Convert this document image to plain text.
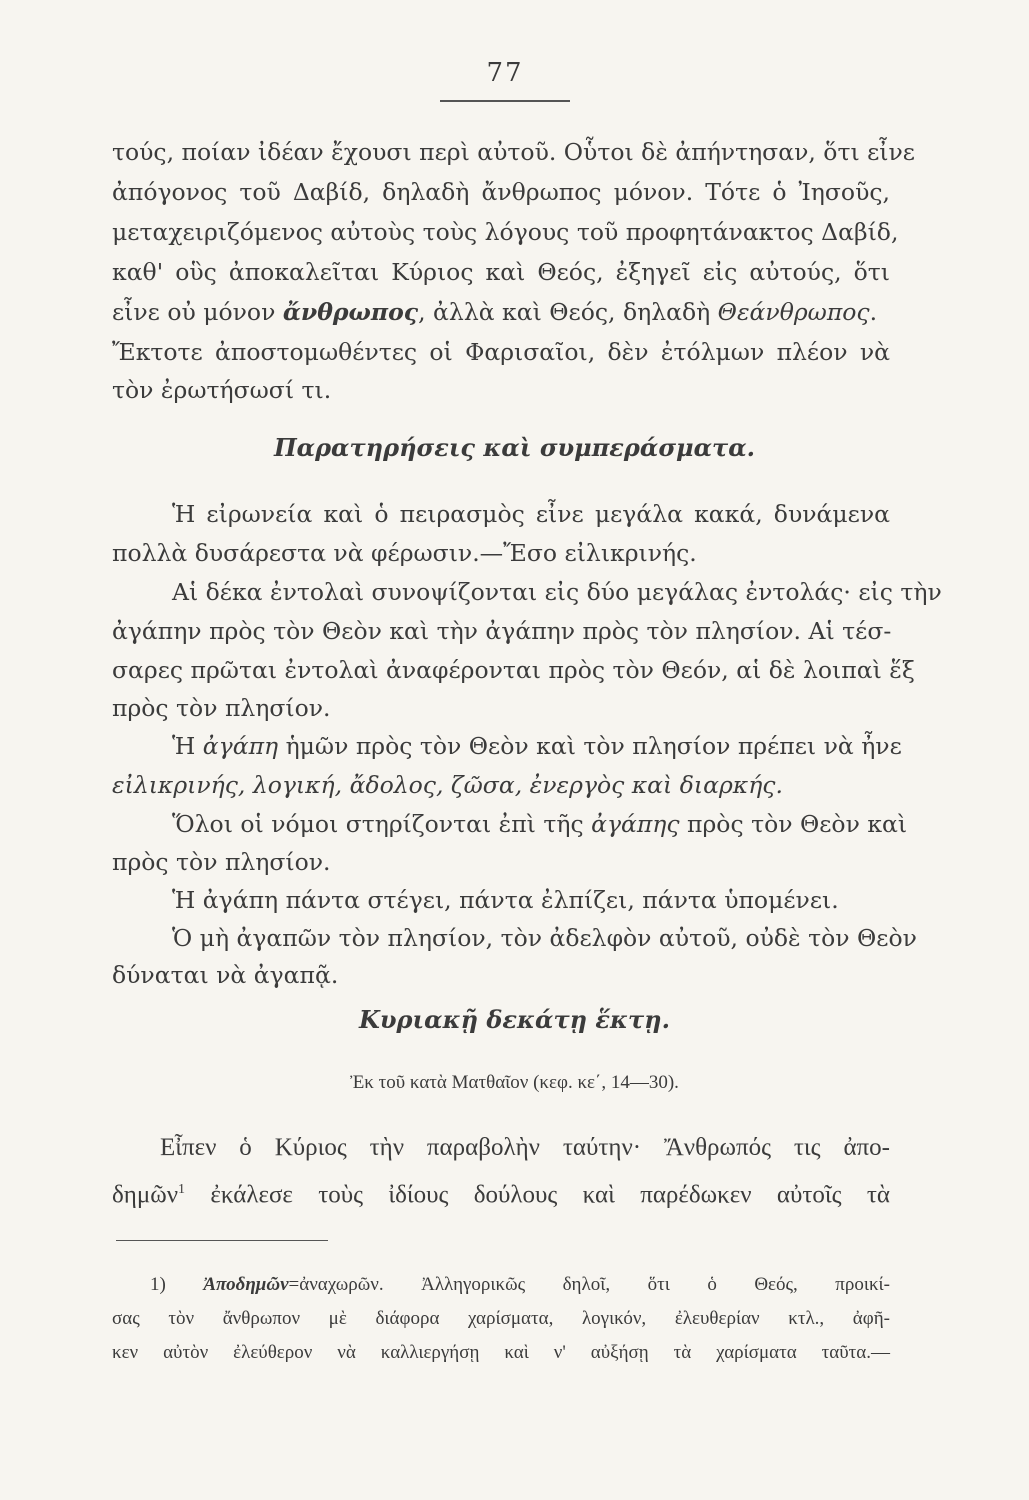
77
τούς, ποίαν ἰδέαν ἔχουσι περὶ αὐτοῦ. Οὗτοι δὲ ἀπήντησαν, ὅτι εἶνε
ἀπόγονος τοῦ Δαβίδ, δηλαδὴ ἄνθρωπος μόνον. Τότε ὁ Ἰησοῦς,
μεταχειριζόμενος αὐτοὺς τοὺς λόγους τοῦ προφητάνακτος Δαβίδ,
καθ' οὓς ἀποκαλεῖται Κύριος καὶ Θεός, ἐξηγεῖ εἰς αὐτούς, ὅτι
εἶνε οὐ μόνον ἄνθρωπος, ἀλλὰ καὶ Θεός, δηλαδὴ Θεάνθρωπος.
Ἔκτοτε ἀποστομωθέντες οἱ Φαρισαῖοι, δὲν ἐτόλμων πλέον νὰ
τὸν ἐρωτήσωσί τι.
Παρατηρήσεις καὶ συμπεράσματα.
Ἡ εἰρωνεία καὶ ὁ πειρασμὸς εἶνε μεγάλα κακά, δυνάμενα
πολλὰ δυσάρεστα νὰ φέρωσιν.—Ἔσο εἰλικρινής.
Αἱ δέκα ἐντολαὶ συνοψίζονται εἰς δύο μεγάλας ἐντολάς· εἰς τὴν
ἀγάπην πρὸς τὸν Θεὸν καὶ τὴν ἀγάπην πρὸς τὸν πλησίον. Αἱ τέσ-
σαρες πρῶται ἐντολαὶ ἀναφέρονται πρὸς τὸν Θεόν, αἱ δὲ λοιπαὶ ἕξ
πρὸς τὸν πλησίον.
Ἡ ἀγάπη ἡμῶν πρὸς τὸν Θεὸν καὶ τὸν πλησίον πρέπει νὰ ἦνε
εἰλικρινής, λογική, ἄδολος, ζῶσα, ἐνεργὸς καὶ διαρκής.
Ὅλοι οἱ νόμοι στηρίζονται ἐπὶ τῆς ἀγάπης πρὸς τὸν Θεὸν καὶ
πρὸς τὸν πλησίον.
Ἡ ἀγάπη πάντα στέγει, πάντα ἐλπίζει, πάντα ὑπομένει.
Ὁ μὴ ἀγαπῶν τὸν πλησίον, τὸν ἀδελφὸν αὐτοῦ, οὐδὲ τὸν Θεὸν
δύναται νὰ ἀγαπᾷ.
Κυριακῇ δεκάτῃ ἕκτῃ.
Ἐκ τοῦ κατὰ Ματθαῖον (κεφ. κε΄, 14—30).
Εἶπεν ὁ Κύριος τὴν παραβολὴν ταύτην· Ἄνθρωπός τις ἀπο-
δημῶν$^1$ ἐκάλεσε τοὺς ἰδίους δούλους καὶ παρέδωκεν αὐτοῖς τὰ
1) Ἀποδημῶν=ἀναχωρῶν. Ἀλληγορικῶς δηλοῖ, ὅτι ὁ Θεός, προικί-
σας τὸν ἄνθρωπον μὲ διάφορα χαρίσματα, λογικόν, ἐλευθερίαν κτλ., ἀφῆ-
κεν αὐτὸν ἐλεύθερον νὰ καλλιεργήσῃ καὶ ν' αὐξήσῃ τὰ χαρίσματα ταῦτα.—
